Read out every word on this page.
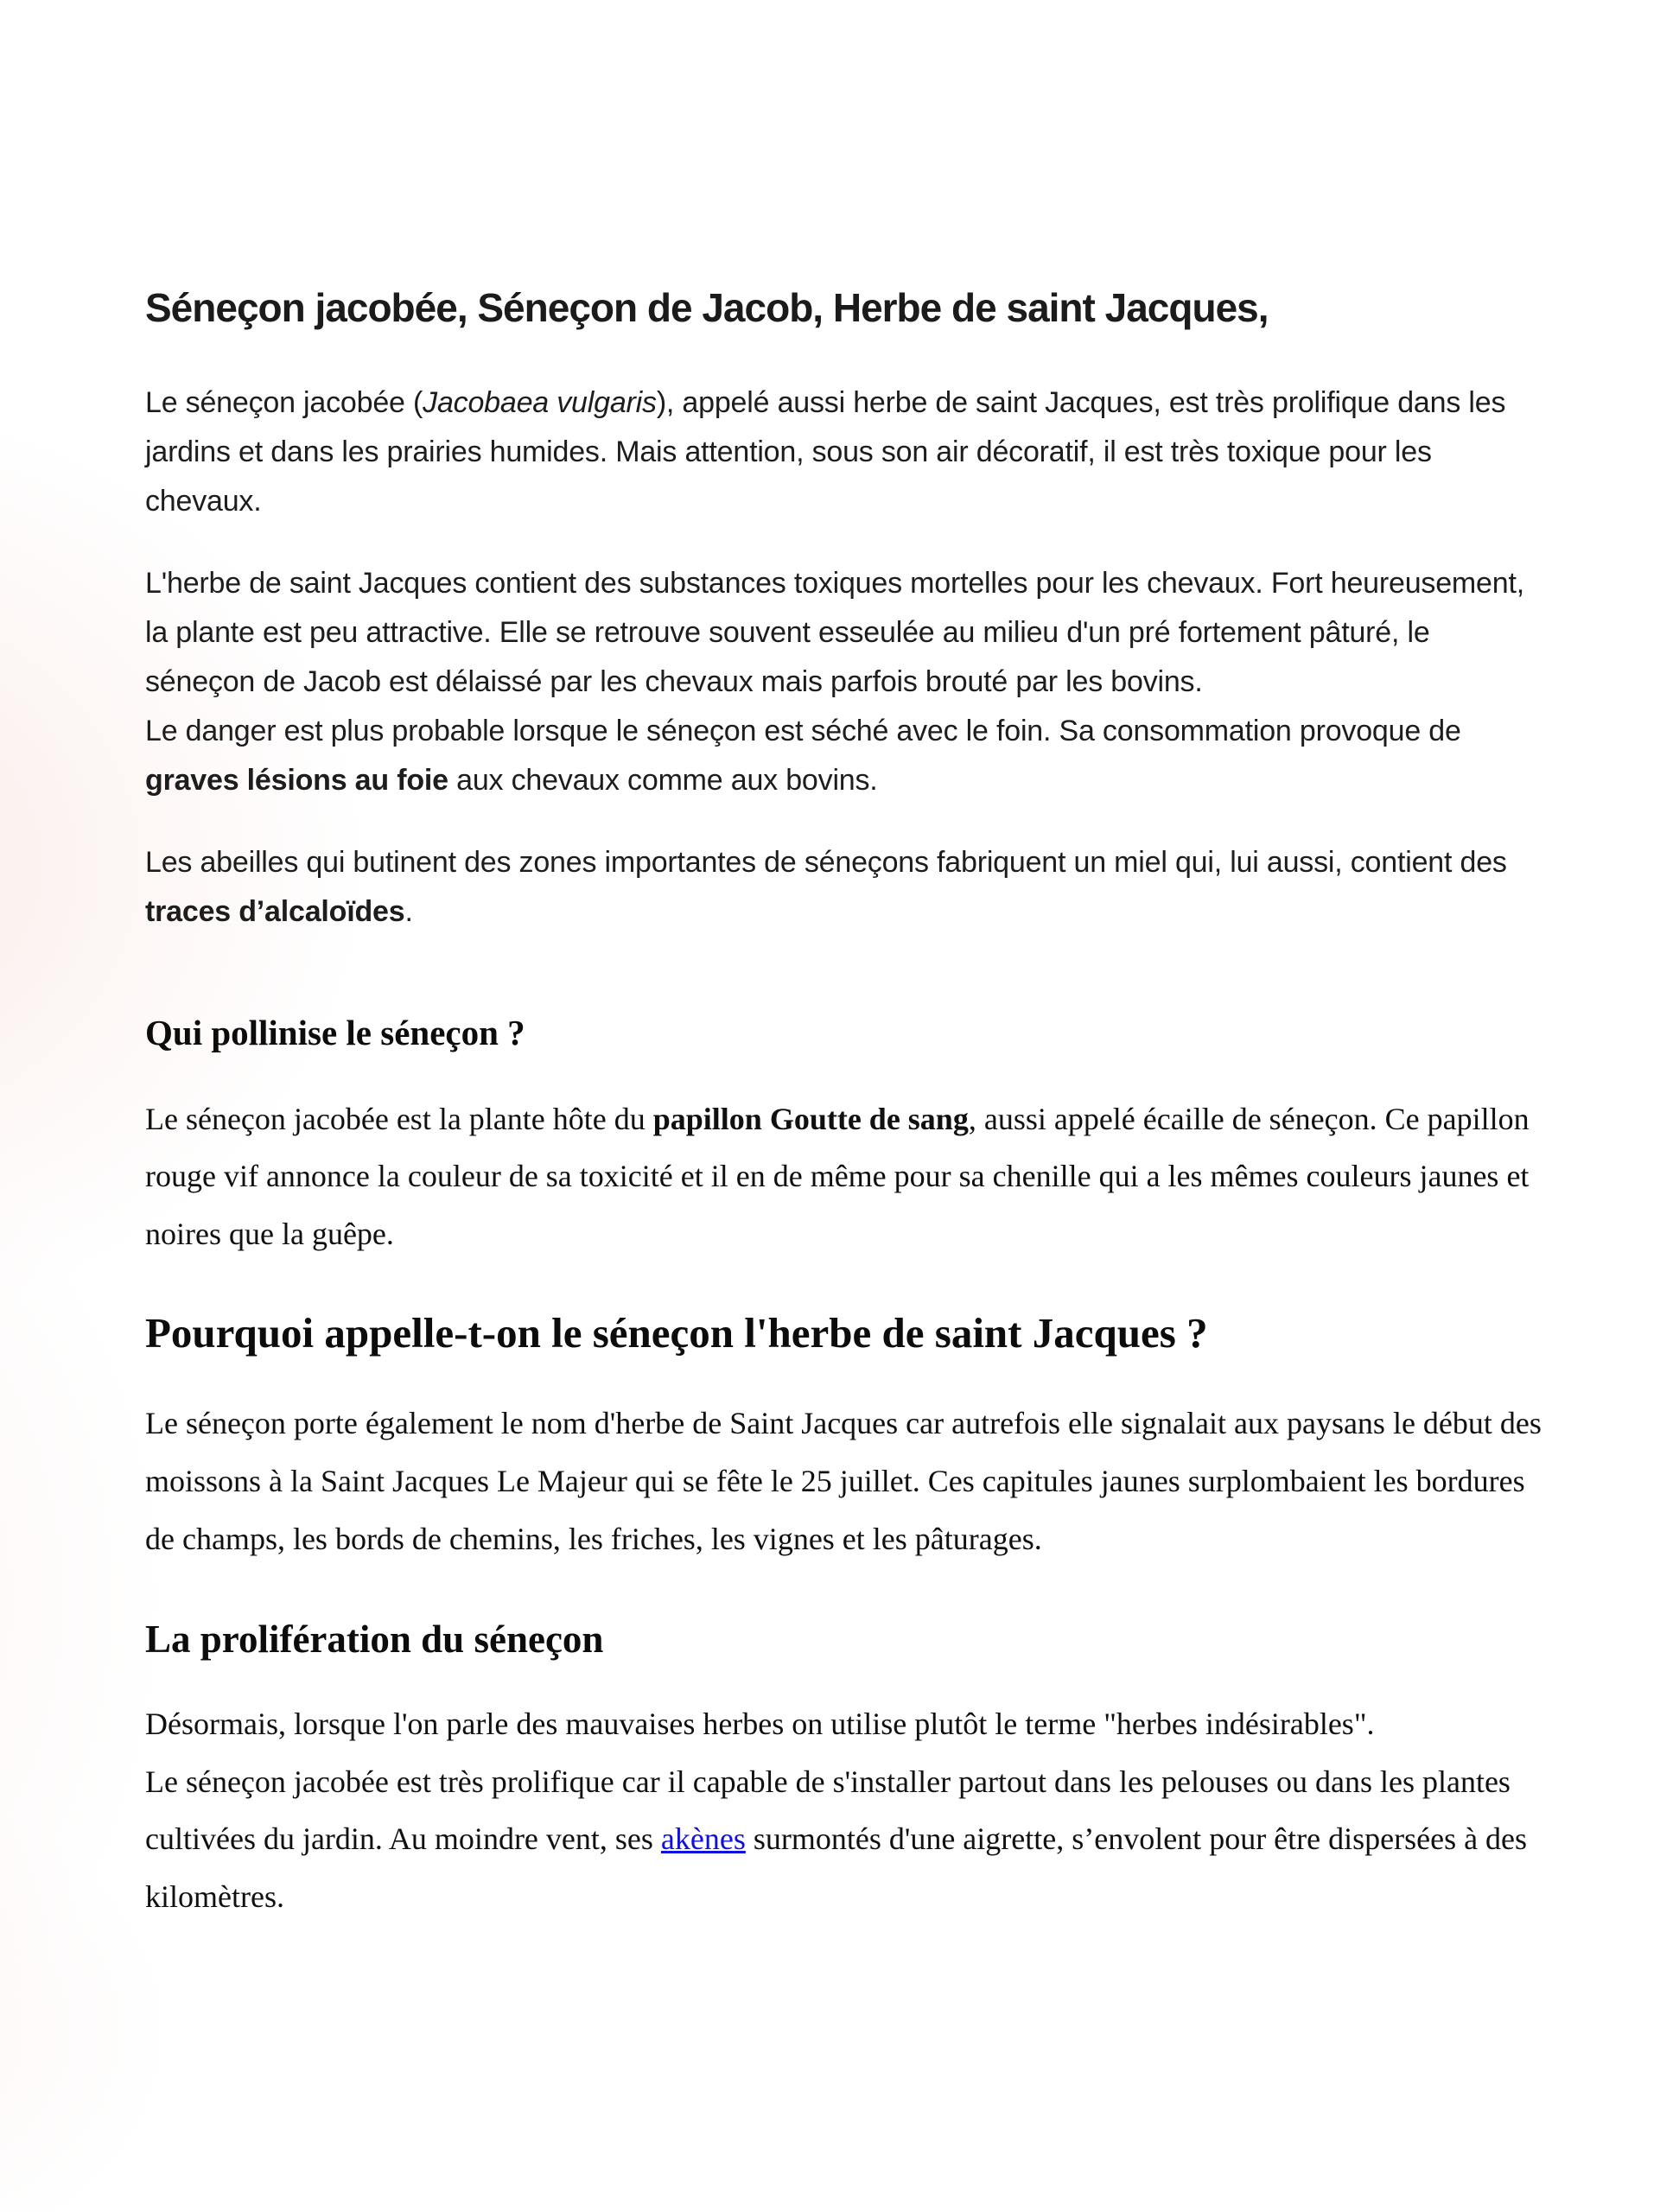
Séneçon jacobée, Séneçon de Jacob, Herbe de saint Jacques,

Le séneçon jacobée (Jacobaea vulgaris), appelé aussi herbe de saint Jacques, est très prolifique dans les jardins et dans les prairies humides. Mais attention, sous son air décoratif, il est très toxique pour les chevaux.

L'herbe de saint Jacques contient des substances toxiques mortelles pour les chevaux. Fort heureusement, la plante est peu attractive. Elle se retrouve souvent esseulée au milieu d'un pré fortement pâturé, le séneçon de Jacob est délaissé par les chevaux mais parfois brouté par les bovins.
Le danger est plus probable lorsque le séneçon est séché avec le foin. Sa consommation provoque de graves lésions au foie aux chevaux comme aux bovins.

Les abeilles qui butinent des zones importantes de séneçons fabriquent un miel qui, lui aussi, contient des traces d’alcaloïdes.

Qui pollinise le séneçon ?

Le séneçon jacobée est la plante hôte du papillon Goutte de sang, aussi appelé écaille de séneçon. Ce papillon rouge vif annonce la couleur de sa toxicité et il en de même pour sa chenille qui a les mêmes couleurs jaunes et noires que la guêpe.

Pourquoi appelle-t-on le séneçon l'herbe de saint Jacques ?

Le séneçon porte également le nom d'herbe de Saint Jacques car autrefois elle signalait aux paysans le début des moissons à la Saint Jacques Le Majeur qui se fête le 25 juillet. Ces capitules jaunes surplombaient les bordures de champs, les bords de chemins, les friches, les vignes et les pâturages.

La prolifération du séneçon

Désormais, lorsque l'on parle des mauvaises herbes on utilise plutôt le terme "herbes indésirables".
Le séneçon jacobée est très prolifique car il capable de s'installer partout dans les pelouses ou dans les plantes cultivées du jardin. Au moindre vent, ses akènes surmontés d'une aigrette, s’envolent pour être dispersées à des kilomètres.
